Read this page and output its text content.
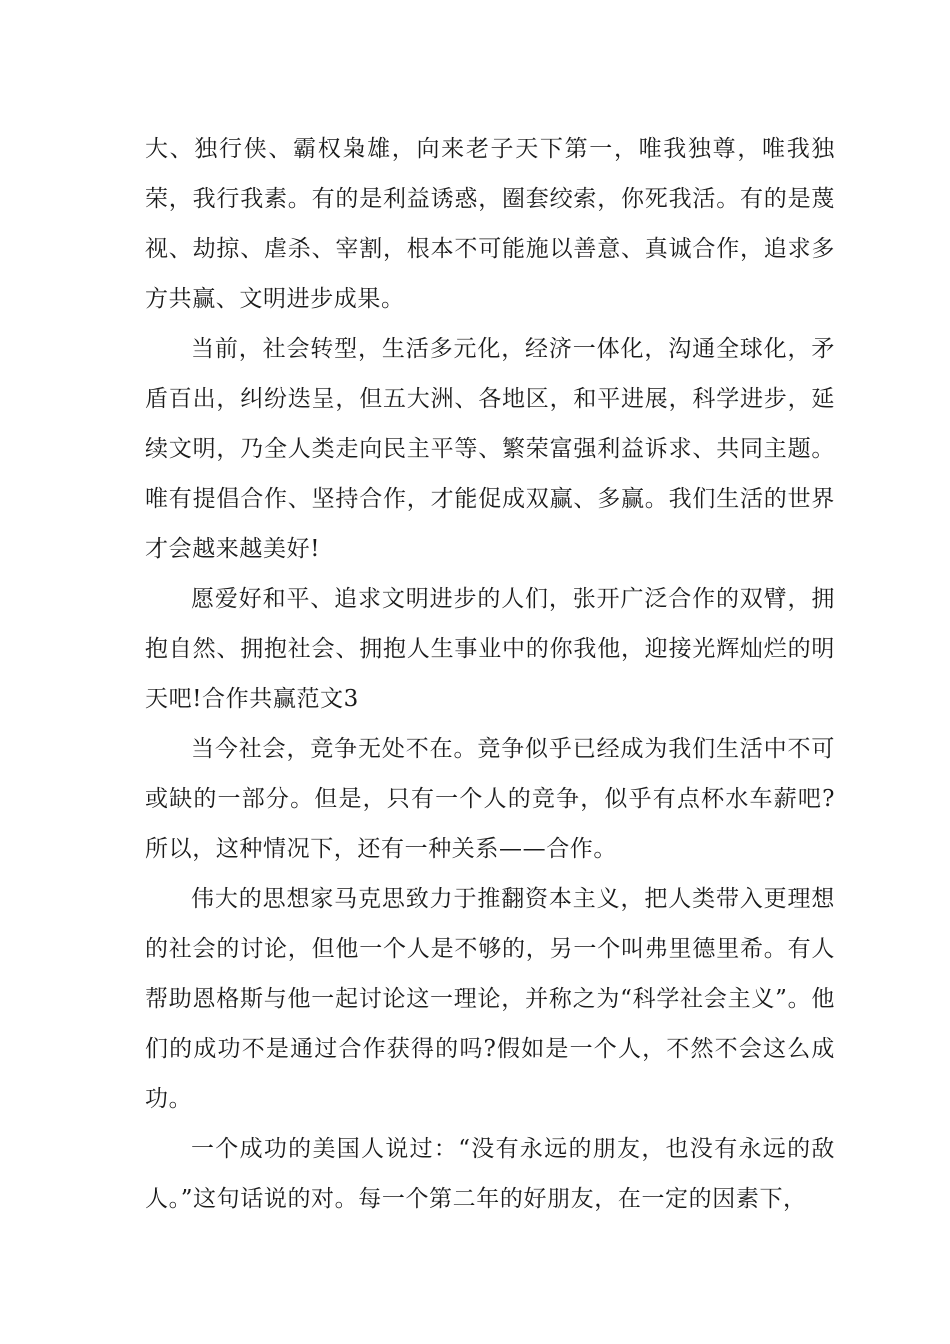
大、独行侠、霸权枭雄，向来老子天下第一，唯我独尊，唯我独荣，我行我素。有的是利益诱惑，圈套绞索，你死我活。有的是蔑视、劫掠、虐杀、宰割，根本不可能施以善意、真诚合作，追求多方共赢、文明进步成果。

当前，社会转型，生活多元化，经济一体化，沟通全球化，矛盾百出，纠纷迭呈，但五大洲、各地区，和平进展，科学进步，延续文明，乃全人类走向民主平等、繁荣富强利益诉求、共同主题。唯有提倡合作、坚持合作，才能促成双赢、多赢。我们生活的世界才会越来越美好!

愿爱好和平、追求文明进步的人们，张开广泛合作的双臂，拥抱自然、拥抱社会、拥抱人生事业中的你我他，迎接光辉灿烂的明天吧!合作共赢范文3

当今社会，竞争无处不在。竞争似乎已经成为我们生活中不可或缺的一部分。但是，只有一个人的竞争，似乎有点杯水车薪吧?所以，这种情况下，还有一种关系——合作。

伟大的思想家马克思致力于推翻资本主义，把人类带入更理想的社会的讨论，但他一个人是不够的，另一个叫弗里德里希。有人帮助恩格斯与他一起讨论这一理论，并称之为“科学社会主义”。他们的成功不是通过合作获得的吗?假如是一个人，不然不会这么成功。

一个成功的美国人说过：“没有永远的朋友，也没有永远的敌人。”这句话说的对。每一个第二年的好朋友，在一定的因素下，
